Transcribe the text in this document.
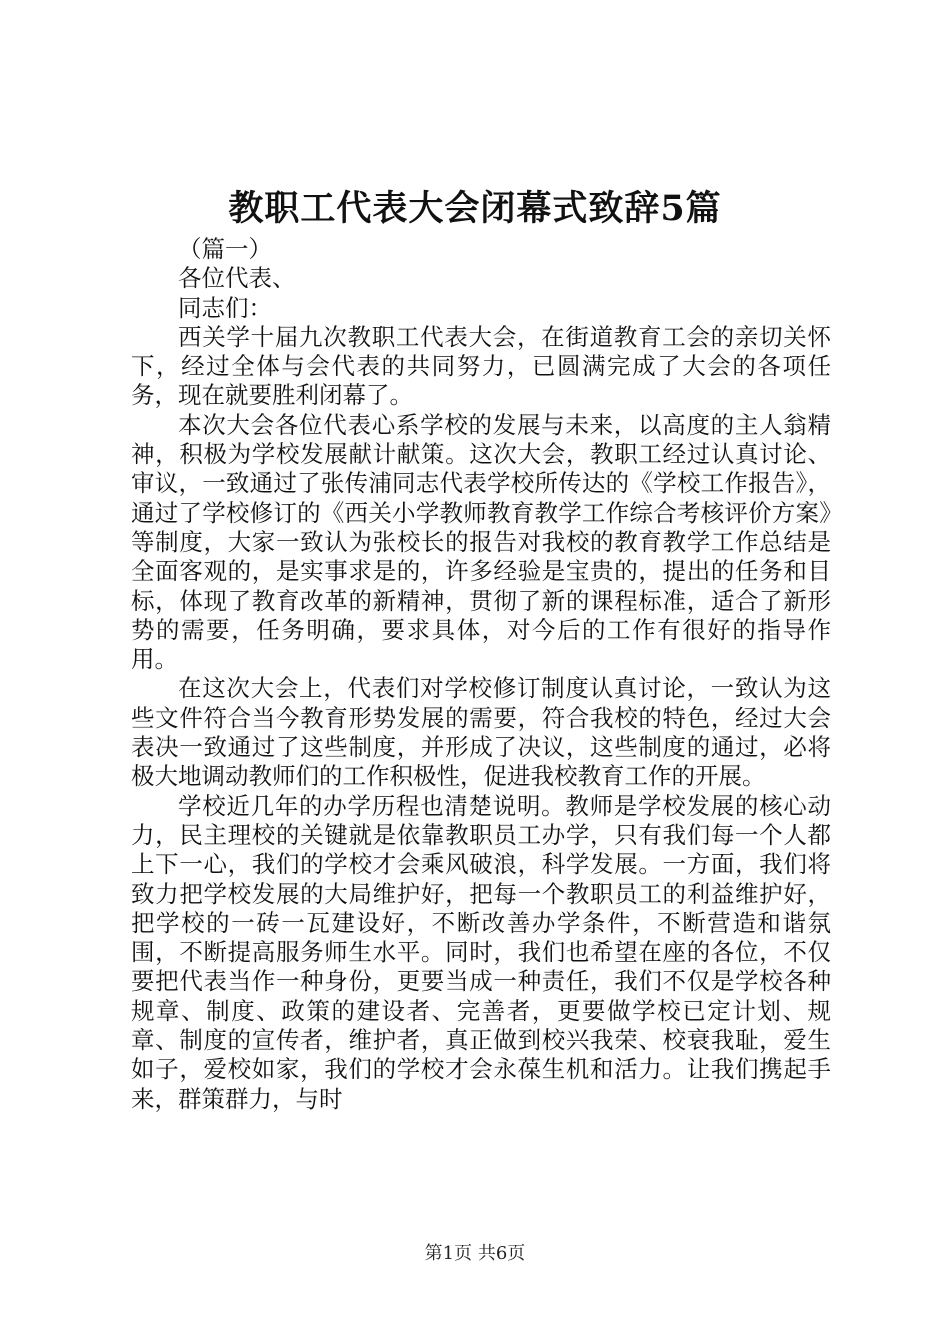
教职工代表大会闭幕式致辞5篇

（篇一）

各位代表、

同志们：

西关学十届九次教职工代表大会，在街道教育工会的亲切关怀下，经过全体与会代表的共同努力，已圆满完成了大会的各项任务，现在就要胜利闭幕了。

本次大会各位代表心系学校的发展与未来，以高度的主人翁精神，积极为学校发展献计献策。这次大会，教职工经过认真讨论、审议，一致通过了张传浦同志代表学校所传达的《学校工作报告》，通过了学校修订的《西关小学教师教育教学工作综合考核评价方案》等制度，大家一致认为张校长的报告对我校的教育教学工作总结是全面客观的，是实事求是的，许多经验是宝贵的，提出的任务和目标，体现了教育改革的新精神，贯彻了新的课程标准，适合了新形势的需要，任务明确，要求具体，对今后的工作有很好的指导作用。

在这次大会上，代表们对学校修订制度认真讨论，一致认为这些文件符合当今教育形势发展的需要，符合我校的特色，经过大会表决一致通过了这些制度，并形成了决议，这些制度的通过，必将极大地调动教师们的工作积极性，促进我校教育工作的开展。

学校近几年的办学历程也清楚说明。教师是学校发展的核心动力，民主理校的关键就是依靠教职员工办学，只有我们每一个人都上下一心，我们的学校才会乘风破浪，科学发展。一方面，我们将致力把学校发展的大局维护好，把每一个教职员工的利益维护好，把学校的一砖一瓦建设好，不断改善办学条件，不断营造和谐氛围，不断提高服务师生水平。同时，我们也希望在座的各位，不仅要把代表当作一种身份，更要当成一种责任，我们不仅是学校各种规章、制度、政策的建设者、完善者，更要做学校已定计划、规章、制度的宣传者，维护者，真正做到校兴我荣、校衰我耻，爱生如子，爱校如家，我们的学校才会永葆生机和活力。让我们携起手来，群策群力，与时

第1页 共6页
